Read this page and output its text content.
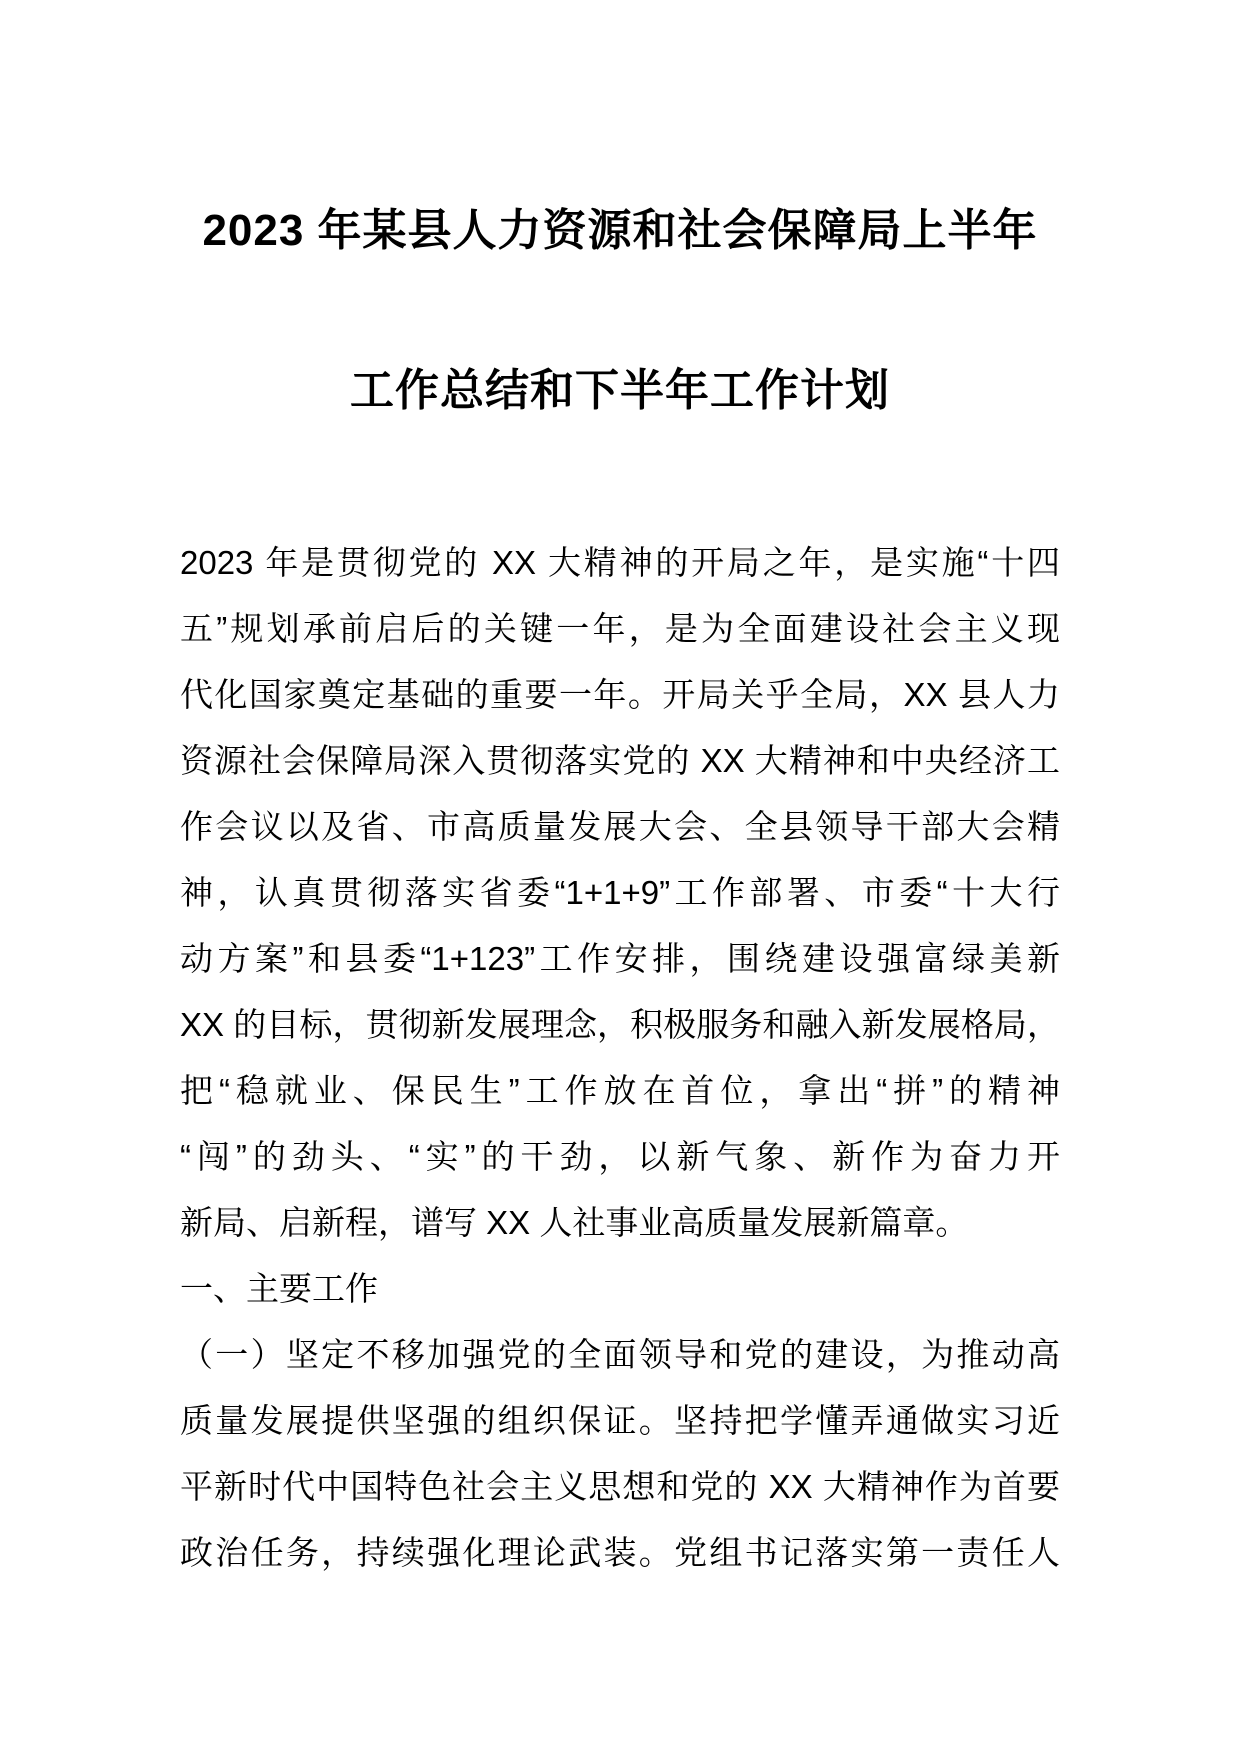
2023 年某县人力资源和社会保障局上半年
工作总结和下半年工作计划
2023 年是贯彻党的 XX 大精神的开局之年，是实施“十四
五”规划承前启后的关键一年，是为全面建设社会主义现
代化国家奠定基础的重要一年。开局关乎全局，XX 县人力
资源社会保障局深入贯彻落实党的 XX 大精神和中央经济工
作会议以及省、市高质量发展大会、全县领导干部大会精
神，认真贯彻落实省委“1+1+9”工作部署、市委“十大行
动方案”和县委“1+123”工作安排，围绕建设强富绿美新
XX 的目标，贯彻新发展理念，积极服务和融入新发展格局，
把“稳就业、保民生”工作放在首位，拿出“拼”的精神
“闯”的劲头、“实”的干劲，以新气象、新作为奋力开
新局、启新程，谱写 XX 人社事业高质量发展新篇章。
一、主要工作
（一）坚定不移加强党的全面领导和党的建设，为推动高
质量发展提供坚强的组织保证。坚持把学懂弄通做实习近
平新时代中国特色社会主义思想和党的 XX 大精神作为首要
政治任务，持续强化理论武装。党组书记落实第一责任人
